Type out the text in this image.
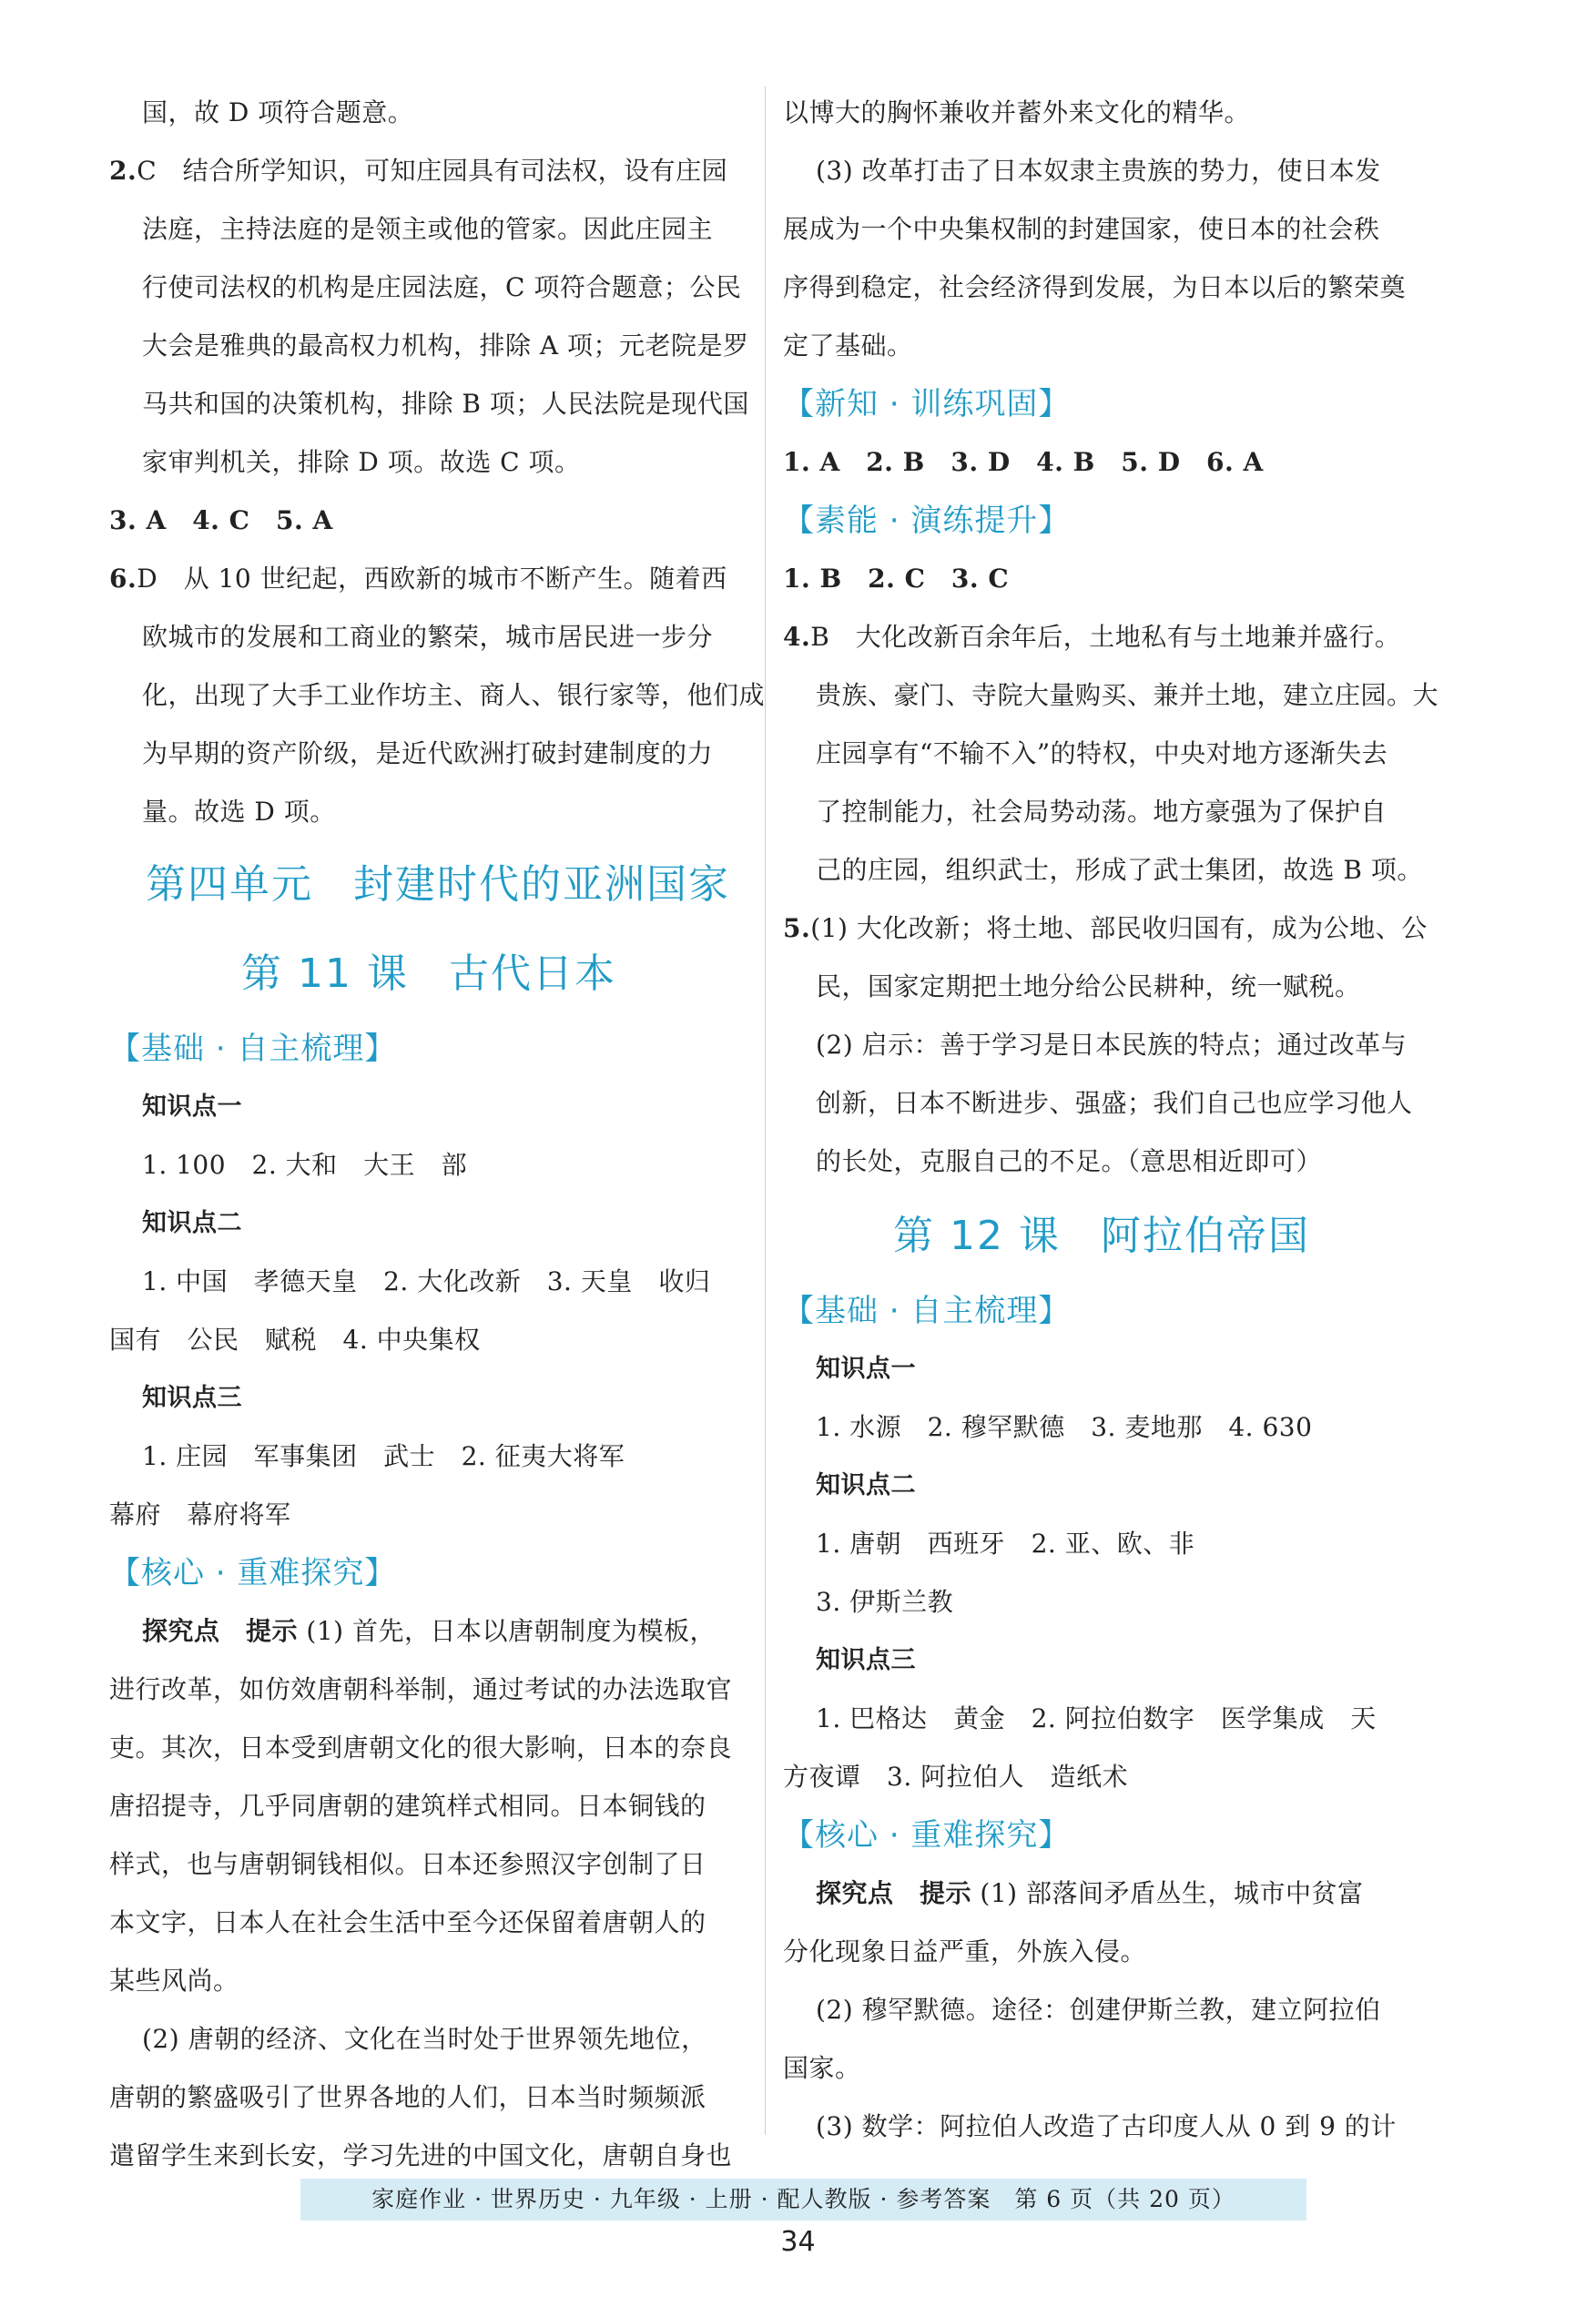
国，故 D 项符合题意。
2.C　结合所学知识，可知庄园具有司法权，设有庄园
法庭，主持法庭的是领主或他的管家。因此庄园主
行使司法权的机构是庄园法庭，C 项符合题意；公民
大会是雅典的最高权力机构，排除 A 项；元老院是罗
马共和国的决策机构，排除 B 项；人民法院是现代国
家审判机关，排除 D 项。故选 C 项。
3. A　4. C　5. A
6.D　从 10 世纪起，西欧新的城市不断产生。随着西
欧城市的发展和工商业的繁荣，城市居民进一步分
化，出现了大手工业作坊主、商人、银行家等，他们成
为早期的资产阶级，是近代欧洲打破封建制度的力
量。故选 D 项。
第四单元 封建时代的亚洲国家
第 11 课 古代日本
【基础 · 自主梳理】
知识点一
1. 100　2. 大和　大王　部
知识点二
1. 中国　孝德天皇　2. 大化改新　3. 天皇　收归
国有　公民　赋税　4. 中央集权
知识点三
1. 庄园　军事集团　武士　2. 征夷大将军
幕府　幕府将军
【核心 · 重难探究】
探究点　提示 (1) 首先，日本以唐朝制度为模板，
进行改革，如仿效唐朝科举制，通过考试的办法选取官
吏。其次，日本受到唐朝文化的很大影响，日本的奈良
唐招提寺，几乎同唐朝的建筑样式相同。日本铜钱的
样式，也与唐朝铜钱相似。日本还参照汉字创制了日
本文字，日本人在社会生活中至今还保留着唐朝人的
某些风尚。
(2) 唐朝的经济、文化在当时处于世界领先地位，
唐朝的繁盛吸引了世界各地的人们，日本当时频频派
遣留学生来到长安，学习先进的中国文化，唐朝自身也
以博大的胸怀兼收并蓄外来文化的精华。
(3) 改革打击了日本奴隶主贵族的势力，使日本发
展成为一个中央集权制的封建国家，使日本的社会秩
序得到稳定，社会经济得到发展，为日本以后的繁荣奠
定了基础。
【新知 · 训练巩固】
1. A　2. B　3. D　4. B　5. D　6. A
【素能 · 演练提升】
1. B　2. C　3. C
4.B　大化改新百余年后，土地私有与土地兼并盛行。
贵族、豪门、寺院大量购买、兼并土地，建立庄园。大
庄园享有“不输不入”的特权，中央对地方逐渐失去
了控制能力，社会局势动荡。地方豪强为了保护自
己的庄园，组织武士，形成了武士集团，故选 B 项。
5.(1) 大化改新；将土地、部民收归国有，成为公地、公
民，国家定期把土地分给公民耕种，统一赋税。
(2) 启示：善于学习是日本民族的特点；通过改革与
创新，日本不断进步、强盛；我们自己也应学习他人
的长处，克服自己的不足。（意思相近即可）
第 12 课 阿拉伯帝国
【基础 · 自主梳理】
知识点一
1. 水源　2. 穆罕默德　3. 麦地那　4. 630
知识点二
1. 唐朝　西班牙　2. 亚、欧、非
3. 伊斯兰教
知识点三
1. 巴格达　黄金　2. 阿拉伯数字　医学集成　天
方夜谭　3. 阿拉伯人　造纸术
【核心 · 重难探究】
探究点　提示 (1) 部落间矛盾丛生，城市中贫富
分化现象日益严重，外族入侵。
(2) 穆罕默德。途径：创建伊斯兰教，建立阿拉伯
国家。
(3) 数学：阿拉伯人改造了古印度人从 0 到 9 的计
家庭作业 · 世界历史 · 九年级 · 上册 · 配人教版 · 参考答案　第 6 页（共 20 页）
34
